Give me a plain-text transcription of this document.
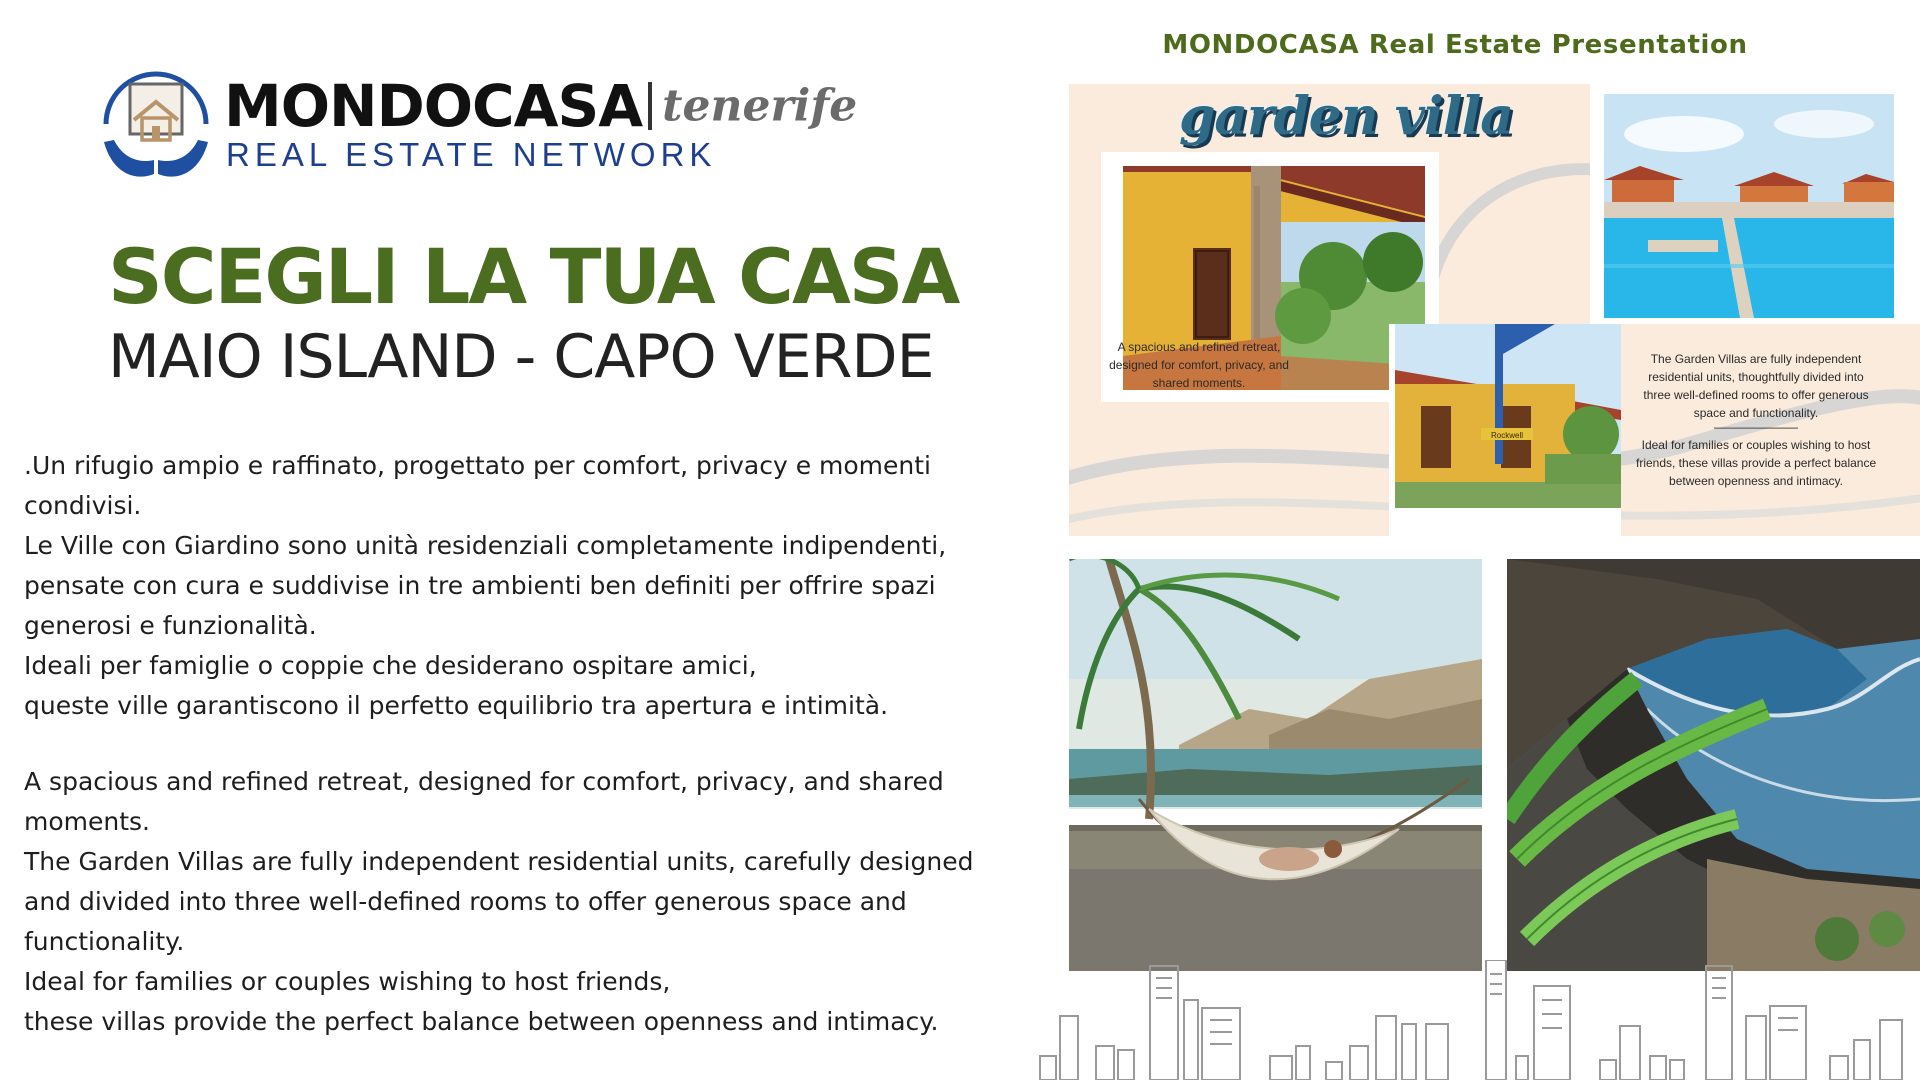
MONDOCASA tenerife
REAL ESTATE NETWORK
MONDOCASA Real Estate Presentation
SCEGLI LA TUA CASA
MAIO ISLAND - CAPO VERDE
.Un rifugio ampio e raffinato, progettato per comfort, privacy e momenti
condivisi.
Le Ville con Giardino sono unità residenziali completamente indipendenti,
pensate con cura e suddivise in tre ambienti ben definiti per offrire spazi
generosi e funzionalità.
Ideali per famiglie o coppie che desiderano ospitare amici,
queste ville garantiscono il perfetto equilibrio tra apertura e intimità.
A spacious and refined retreat, designed for comfort, privacy, and shared
moments.
The Garden Villas are fully independent residential units, carefully designed
and divided into three well-defined rooms to offer generous space and
functionality.
Ideal for families or couples wishing to host friends,
these villas provide the perfect balance between openness and intimacy.
garden villa
Rockwell
A spacious and refined retreat,
designed for comfort, privacy, and
shared moments.
The Garden Villas are fully independent
residential units, thoughtfully divided into
three well-defined rooms to offer generous
space and functionality.
———————
Ideal for families or couples wishing to host
friends, these villas provide a perfect balance
between openness and intimacy.
